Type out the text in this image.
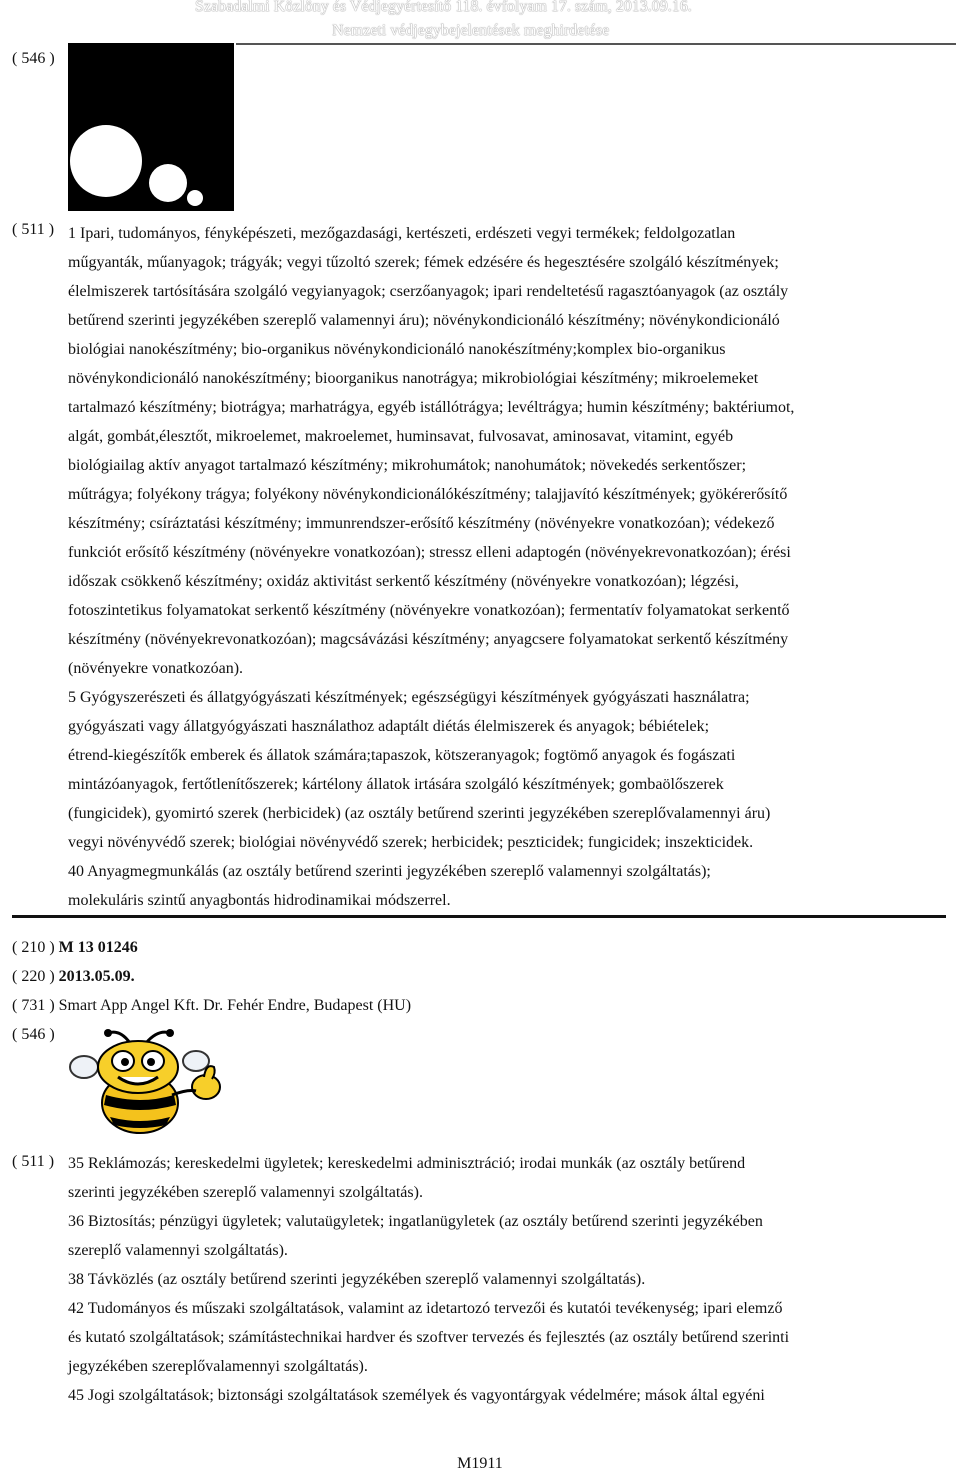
Szabadalmi Közlöny és Védjegyértesítő 118. évfolyam 17. szám, 2013.09.16.
Nemzeti védjegybejelentések meghirdetése
( 546 )
( 511 ) 1 Ipari, tudományos, fényképészeti, mezőgazdasági, kertészeti, erdészeti vegyi termékek; feldolgozatlan
műgyanták, műanyagok; trágyák; vegyi tűzoltó szerek; fémek edzésére és hegesztésére szolgáló készítmények;
élelmiszerek tartósítására szolgáló vegyianyagok; cserzőanyagok; ipari rendeltetésű ragasztóanyagok (az osztály
betűrend szerinti jegyzékében szereplő valamennyi áru); növénykondicionáló készítmény; növénykondicionáló
biológiai nanokészítmény; bio-organikus növénykondicionáló nanokészítmény;komplex bio-organikus
növénykondicionáló nanokészítmény; bioorganikus nanotrágya; mikrobiológiai készítmény; mikroelemeket
tartalmazó készítmény; biotrágya; marhatrágya, egyéb istállótrágya; levéltrágya; humin készítmény; baktériumot,
algát, gombát,élesztőt, mikroelemet, makroelemet, huminsavat, fulvosavat, aminosavat, vitamint, egyéb
biológiailag aktív anyagot tartalmazó készítmény; mikrohumátok; nanohumátok; növekedés serkentőszer;
műtrágya; folyékony trágya; folyékony növénykondicionálókészítmény; talajjavító készítmények; gyökérerősítő
készítmény; csíráztatási készítmény; immunrendszer-erősítő készítmény (növényekre vonatkozóan); védekező
funkciót erősítő készítmény (növényekre vonatkozóan); stressz elleni adaptogén (növényekrevonatkozóan); érési
időszak csökkenő készítmény; oxidáz aktivitást serkentő készítmény (növényekre vonatkozóan); légzési,
fotoszintetikus folyamatokat serkentő készítmény (növényekre vonatkozóan); fermentatív folyamatokat serkentő
készítmény (növényekrevonatkozóan); magcsávázási készítmény; anyagcsere folyamatokat serkentő készítmény
(növényekre vonatkozóan).
5 Gyógyszerészeti és állatgyógyászati készítmények; egészségügyi készítmények gyógyászati használatra;
gyógyászati vagy állatgyógyászati használathoz adaptált diétás élelmiszerek és anyagok; bébiételek;
étrend-kiegészítők emberek és állatok számára;tapaszok, kötszeranyagok; fogtömő anyagok és fogászati
mintázóanyagok, fertőtlenítőszerek; kártélony állatok irtására szolgáló készítmények; gombaölőszerek
(fungicidek), gyomirtó szerek (herbicidek) (az osztály betűrend szerinti jegyzékében szereplővalamennyi áru)
vegyi növényvédő szerek; biológiai növényvédő szerek; herbicidek; peszticidek; fungicidek; inszekticidek.
40 Anyagmegmunkálás (az osztály betűrend szerinti jegyzékében szereplő valamennyi szolgáltatás);
molekuláris szintű anyagbontás hidrodinamikai módszerrel.
( 210 ) M 13 01246
( 220 ) 2013.05.09.
( 731 ) Smart App Angel Kft. Dr. Fehér Endre, Budapest (HU)
( 546 )
( 511 ) 35 Reklámozás; kereskedelmi ügyletek; kereskedelmi adminisztráció; irodai munkák (az osztály betűrend
szerinti jegyzékében szereplő valamennyi szolgáltatás).
36 Biztosítás; pénzügyi ügyletek; valutaügyletek; ingatlanügyletek (az osztály betűrend szerinti jegyzékében
szereplő valamennyi szolgáltatás).
38 Távközlés (az osztály betűrend szerinti jegyzékében szereplő valamennyi szolgáltatás).
42 Tudományos és műszaki szolgáltatások, valamint az idetartozó tervezői és kutatói tevékenység; ipari elemző
és kutató szolgáltatások; számítástechnikai hardver és szoftver tervezés és fejlesztés (az osztály betűrend szerinti
jegyzékében szereplővalamennyi szolgáltatás).
45 Jogi szolgáltatások; biztonsági szolgáltatások személyek és vagyontárgyak védelmére; mások által egyéni
M1911
